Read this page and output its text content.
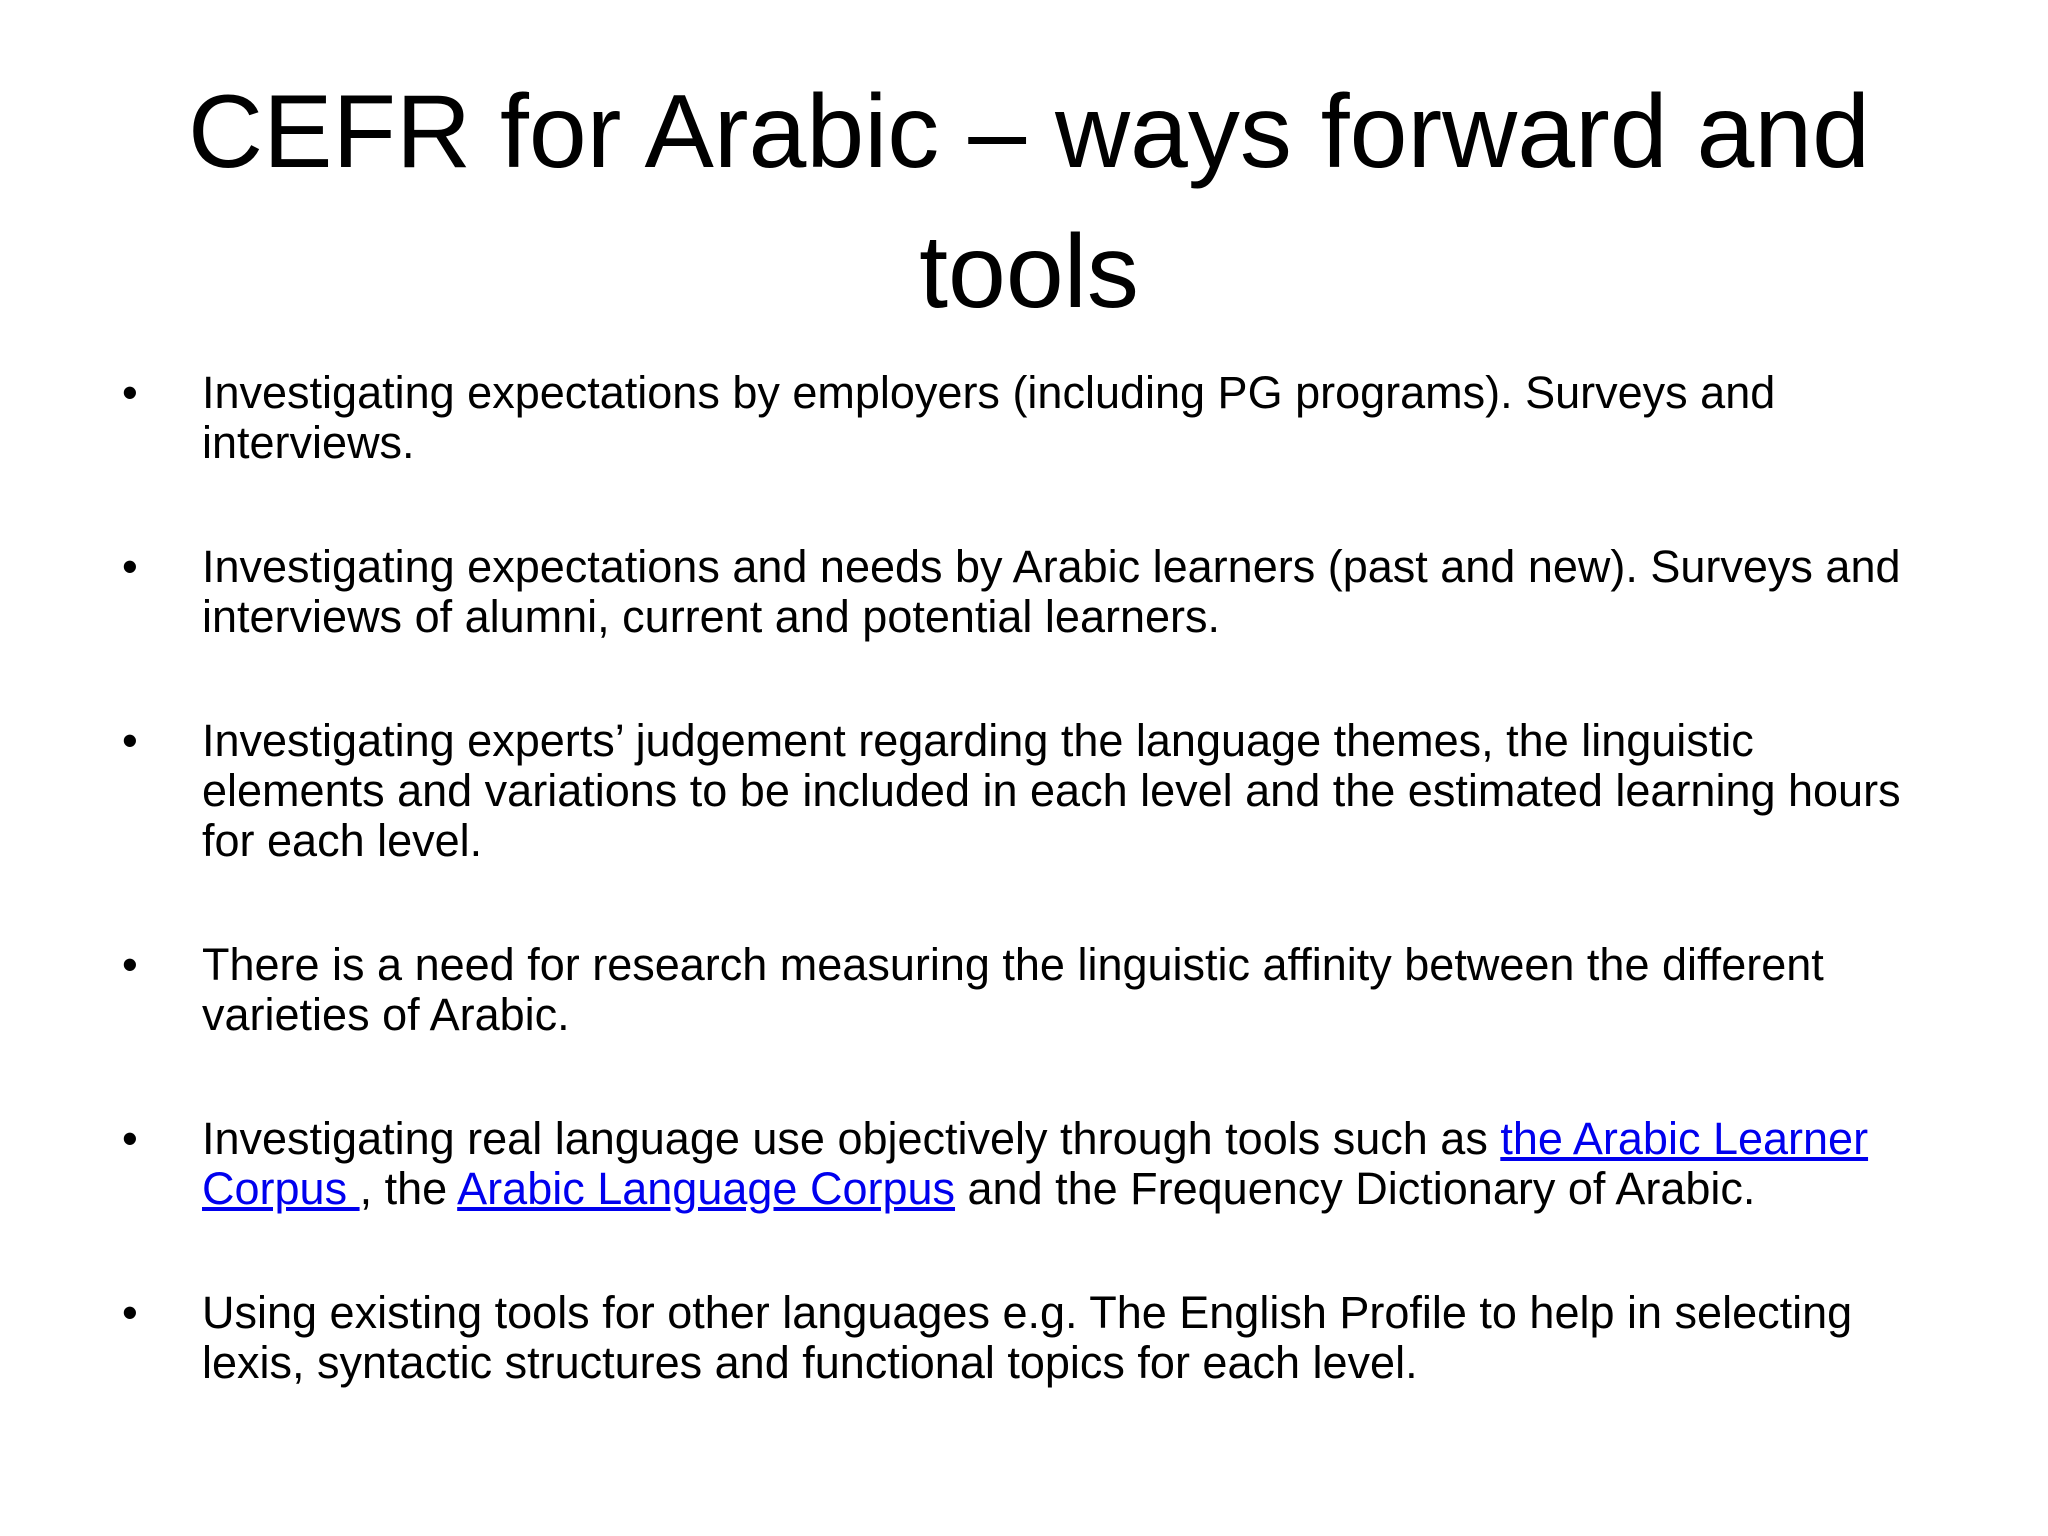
CEFR for Arabic – ways forward and tools
• Investigating expectations by employers (including PG programs). Surveys and interviews.
• Investigating expectations and needs by Arabic learners (past and new). Surveys and interviews of alumni, current and potential learners.
• Investigating experts’ judgement regarding the language themes, the linguistic elements and variations to be included in each level and the estimated learning hours for each level.
• There is a need for research measuring the linguistic affinity between the different varieties of Arabic.
• Investigating real language use objectively through tools such as the Arabic Learner Corpus , the Arabic Language Corpus and the Frequency Dictionary of Arabic.
• Using existing tools for other languages e.g. The English Profile to help in selecting lexis, syntactic structures and functional topics for each level.
